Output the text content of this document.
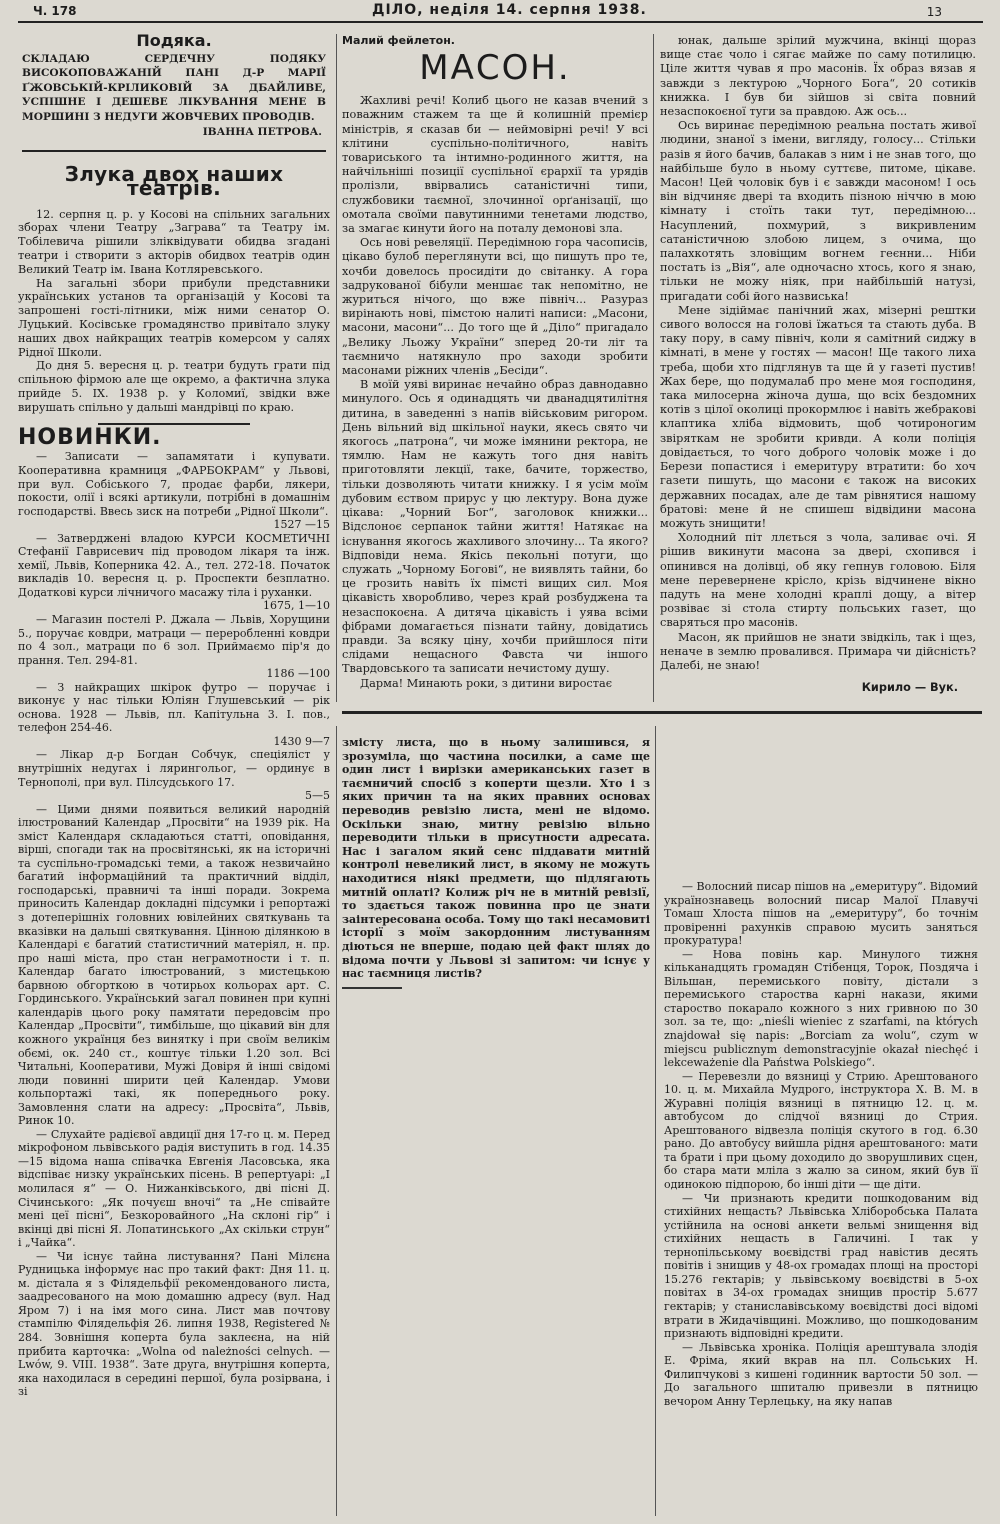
Ч. 178	ДІЛО, неділя 14. серпня 1938.	13
Подяка.
СКЛАДАЮ СЕРДЕЧНУ ПОДЯКУ ВИСОКОПОВАЖАНІЙ ПАНІ Д-Р МАРІЇ ҐЖОВСЬКІЙ-КРІЛИКОВІЙ ЗА ДБАЙЛИВЕ, УСПІШНЕ І ДЕШЕВЕ ЛІКУВАННЯ МЕНЕ В МОРШИНІ З НЕДУГИ ЖОВЧЕВИХ ПРОВОДІВ.
ІВАННА ПЕТРОВА.
Злука двох наших театрів.

12. серпня ц. р. у Косові на спільних загальних зборах члени Театру „Заграва“ та Театру ім. Тобілевича рішили зліквідувати обидва згадані театри і створити з акторів обидвох театрів один Великий Театр ім. Івана Котляревського.

На загальні збори прибули представники українських установ та організацій у Косові та запрошені гості-літники, між ними сенатор О. Луцький. Косівське громадянство привітало злуку наших двох найкращих театрів комерсом у салях Рідної Школи.

До дня 5. вересня ц. р. театри будуть грати під спільною фірмою але ще окремо, а фактична злука прийде 5. IX. 1938 р. у Коломиї, звідки вже вирушать спільно у дальші мандрівці по краю.

НОВИНКИ.

— Записати — запамятати і купувати. Кооперативна крамниця „ФАРБОКРАМ“ у Львові, при вул. Собіського 7, продає фарби, лякери, покости, олії і всякі артикули, потрібні в домашнім господарстві. Ввесь зиск на потреби „Рідної Школи“.

1527 —15

— Затверджені владою КУРСИ КОСМЕТИЧНІ Стефанії Гаврисевич під проводом лікаря та інж. хемії, Львів, Коперника 42. А., тел. 272-18. Початок викладів 10. вересня ц. р. Проспекти безплатно. Додаткові курси лічничого масажу тіла і руханки.

1675, 1—10

— Магазин постелі Р. Джала — Львів, Хорущини 5., поручає ковдри, матраци — переробленні ковдри по 4 зол., матраци по 6 зол. Приймаємо пір'я до прання. Тел. 294-81.

1186 —100

— З найкращих шкірок футро — поручає і виконує у нас тільки Юліян Глушевський — рік основа. 1928 — Львів, пл. Капітульна 3. І. пов., телефон 254-46.

1430 9—7

— Лікар д-р Богдан Собчук, спеціяліст у внутрішніх недугах і лярингольог, — ординує в Тернополі, при вул. Пілсудського 17.

5—5

— Цими днями появиться великий народній ілюстрований Календар „Просвіти“ на 1939 рік. На зміст Календаря складаються статті, оповідання, вірші, спогади так на просвітянські, як на історичні та суспільно-громадські теми, а також незвичайно багатий інформаційний та практичний відділ, господарські, правничі та інші поради. Зокрема приносить Календар докладні підсумки і репортажі з дотеперішніх головних ювілейних святкувань та вказівки на дальші святкування. Цінною ділянкою в Календарі є багатий статистичний матеріял, н. пр. про наші міста, про стан неграмотности і т. п. Календар багато ілюстрований, з мистецькою барвною обгорткою в чотирьох кольорах арт. С. Гординського. Український загал повинен при купні календарів цього року памятати передовсім про Календар „Просвіти“, тимбільше, що цікавий він для кожного українця без винятку і при своїм великім обємі, ок. 240 ст., коштує тільки 1.20 зол. Всі Читальні, Кооперативи, Мужі Довіря й інші свідомі люди повинні ширити цей Календар. Умови кольпортажі такі, як попереднього року. Замовлення слати на адресу: „Просвіта“, Львів, Ринок 10.

— Слухайте радієвої авдиції дня 17-го ц. м. Перед мікрофоном львівського радія виступить в год. 14.35—15 відома наша співачка Евгенія Ласовська, яка відспіває низку українських пісень. В репертуарі: „І молилася я“ — О. Нижанківського, дві пісні Д. Січинського: „Як почуєш вночі“ та „Не співайте мені цеї пісні“, Безкоровайного „На склоні гір“ і вкінці дві пісні Я. Лопатинського „Ах скільки струн“ і „Чайка“.

— Чи існує тайна листування? Пані Мілєна Рудницька інформує нас про такий факт: Дня 11. ц. м. дістала я з Філядельфії рекомендованого листа, заадресованого на мою домашню адресу (вул. Над Яром 7) і на імя мого сина. Лист мав почтову стампілю Філядельфія 26. липня 1938, Registered № 284. Зовнішня коперта була заклеєна, на ній прибита карточка: „Wolna od należności celnych. — Lwów, 9. VIII. 1938“. Зате друга, внутрішня коперта, яка находилася в середині першої, була розірвана, і зі

Малий фейлетон.
МАСОН.

Жахливі речі! Колиб цього не казав вчений з поважним стажем та ще й колишній премієр міністрів, я сказав би — неймовірні речі! У всі клітини суспільно-політичного, навіть товариського та інтимно-родинного життя, на найчільніші позиції суспільної єрархії та урядів пролізли, ввірвались сатаністичні типи, службовики таємної, злочинної орґанізації, що омотала своїми павутинними тенетами людство, за змагає кинути його на поталу демонові зла.

Ось нові ревеляції. Передімною гора часописів, цікаво булоб переглянути всі, що пишуть про те, хочби довелось просидіти до світанку. А гора задрукованої бібули меншає так непомітно, не журиться нічого, що вже північ... Разураз вирінають нові, пімстою налиті написи: „Масони, масони, масони“... До того ще й „Діло“ пригадало „Велику Льожу України“ зперед 20-ти літ та таємничо натякнуло про заходи зробити масонами ріжних членів „Бесіди“.

В моїй уяві виринає нечайно образ давнодавно минулого. Ось я одинадцять чи дванадцятилітня дитина, в заведенні з напів військовим ригором. День вільний від шкільної науки, якесь свято чи якогось „патрона“, чи може імянини ректора, не тямлю. Нам не кажуть того дня навіть приготовляти лекції, таке, бачите, торжество, тільки дозволяють читати книжку. І я усім моїм дубовим єством прирус у цю лектуру. Вона дуже цікава: „Чорний Бог“, заголовок книжки... Відслоноє серпанок тайни життя! Натякає на існування якогось жахливого злочину... Та якого? Відповіди нема. Якісь пекольні потуги, що служать „Чорному Богові“, не виявлять тайни, бо це грозить навіть їх пімсті вищих сил. Моя цікавість хворобливо, через край розбуджена та незаспокоєна. А дитяча цікавість і уява всіми фібрами домагається пізнати тайну, довідатись правди. За всяку ціну, хочби прийшлося піти слідами нещасного Фавста чи іншого Твардовського та записати нечистому душу.

Дарма! Минають роки, з дитини виростає

юнак, дальше зрілий мужчина, вкінці щораз вище стає чоло і сягає майже по саму потилицю. Ціле життя чував я про масонів. Їх образ вязав я завжди з лектурою „Чорного Бога“, 20 сотиків книжка. І був би зійшов зі світа повний незаспокоєної туги за правдою. Аж ось...

Ось виринає передімною реальна постать живої людини, знаної з імени, вигляду, голосу... Стільки разів я його бачив, балакав з ним і не знав того, що найбільше було в ньому суттєве, питоме, цікаве. Масон! Цей чоловік був і є завжди масоном! І ось він відчиняє двері та входить пізною ніччю в мою кімнату і стоїть таки тут, передімною... Насуплений, похмурий, з викривленим сатаністичною злобою лицем, з очима, що палахкотять зловіщим вогнем геєнни... Ніби постать із „Вія“, але одночасно хтось, кого я знаю, тільки не можу ніяк, при найбільшій натузі, пригадати собі його назвиська!

Мене зідіймає панічний жах, мізерні рештки сивого волосся на голові їжаться та стають дуба. В таку пору, в саму північ, коли я самітний сиджу в кімнаті, в мене у гостях — масон! Ще такого лиха треба, щоби хто підглянув та ще й у газеті пустив! Жах бере, що подумалаб про мене моя господиня, така милосерна жіноча душа, що всіх бездомних котів з цілої околиці прокормлює і навіть жебракові клаптика хліба відмовить, щоб чотироногим звіряткам не зробити кривди. А коли поліція довідається, то чого доброго чоловік може і до Берези попастися і емеритуру втратити: бо хоч газети пишуть, що масони є також на високих державних посадах, але де там рівнятися нашому братові: мене й не спишеш відвідини масона можуть знищити!

Холодний піт ллється з чола, заливає очі. Я рішив викинути масона за двері, схопився і опинився на долівці, об яку гепнув головою. Біля мене перевернене крісло, крізь відчинене вікно падуть на мене холодні краплі дощу, а вітер розвіває зі стола стирту польських газет, що сваряться про масонів.

Масон, як прийшов не знати звідкіль, так і щез, неначе в землю провалився. Примара чи дійсність? Далебі, не знаю!

Кирило — Вук.
змісту листа, що в ньому залишився, я зрозуміла, що частина посилки, а саме ще один лист і вирізки американських газет в таємничий спосіб з коперти щезли. Хто і з яких причин та на яких правних основах переводив ревізію листа, мені не відомо. Оскільки знаю, митну ревізію вільно переводити тільки в присутности адресата. Нас і загалом який сенс піддавати митній контролі невеликий лист, в якому не можуть находитися ніякі предмети, що підлягають митній оплаті? Колиж річ не в митній ревізії, то здається також повинна про це знати заінтересована особа. Тому що такі несамовиті історії з моїм закордонним листуванням діються не вперше, подаю цей факт шлях до відома почти у Львові зі запитом: чи існує у нас таємниця листів?

— Волосний писар пішов на „емеритуру“. Відомий українознавець волосний писар Малої Плавучі Томаш Хлоста пішов на „емеритуру“, бо точнім провіренні рахунків справою мусить заняться прокуратура!

— Нова повінь кар. Минулого тижня кільканадцять громадян Стібенця, Торок, Поздяча і Вільшан, перемиського повіту, дістали з перемиського староства карні накази, якими староство покарало кожного з них гривною по 30 зол. за те, що: „nieśli wieniec z szarfami, na których znajdował się napis: „Borciam za wolu“, czym w miejscu publicznym demonstracyjnie okazał niechęć i lekceważenie dla Państwa Polskiego“.

— Перевезли до вязниці у Стрию. Арештованого 10. ц. м. Михайла Мудрого, інструктора Х. В. М. в Журавні поліція вязниці в пятницю 12. ц. м. автобусом до слідчої вязниці до Стрия. Арештованого відвезла поліція скутого в год. 6.30 рано. До автобусу вийшла рідня арештованого: мати та брати і при цьому доходило до зворушливих сцен, бо стара мати мліла з жалю за сином, який був її одинокою підпорою, бо інші діти — ще діти.

— Чи признають кредити пошкодованим від стихійних нещасть? Львівська Хліборобська Палата устійнила на основі анкети вельмі знищення від стихійних нещасть в Галичині. І так у тернопільському воєвідстві град навістив десять повітів і знищив у 48-ох громадах площі на просторі 15.276 гектарів; у львівському воєвідстві в 5-ох повітах в 34-ох громадах знищив простір 5.677 гектарів; у станиславівському воєвідстві досі відомі втрати в Жидачівщині. Можливо, що пошкодованим признають відповідні кредити.

— Львівська хроніка. Поліція арештувала злодія Е. Фріма, який вкрав на пл. Сольських Н. Филипчукові з кишені годинник вартости 50 зол. — До загального шпиталю привезли в пятницю вечором Анну Терлецьку, на яку напав
